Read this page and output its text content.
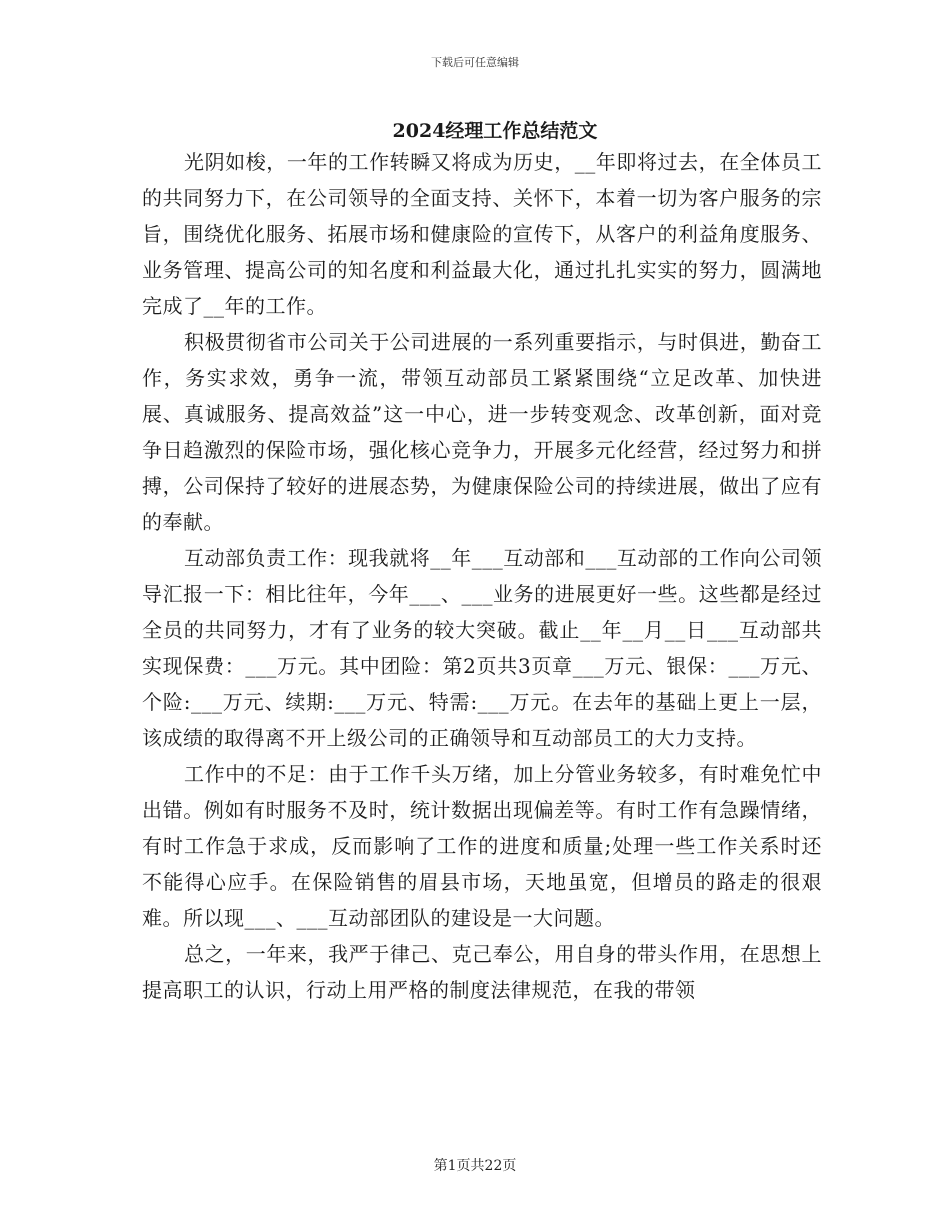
下载后可任意编辑
2024经理工作总结范文

光阴如梭，一年的工作转瞬又将成为历史，__年即将过去，在全体员工的共同努力下，在公司领导的全面支持、关怀下，本着一切为客户服务的宗旨，围绕优化服务、拓展市场和健康险的宣传下，从客户的利益角度服务、业务管理、提高公司的知名度和利益最大化，通过扎扎实实的努力，圆满地完成了__年的工作。

积极贯彻省市公司关于公司进展的一系列重要指示，与时俱进，勤奋工作，务实求效，勇争一流，带领互动部员工紧紧围绕“立足改革、加快进展、真诚服务、提高效益”这一中心，进一步转变观念、改革创新，面对竞争日趋激烈的保险市场，强化核心竞争力，开展多元化经营，经过努力和拼搏，公司保持了较好的进展态势，为健康保险公司的持续进展，做出了应有的奉献。

互动部负责工作：现我就将__年___互动部和___互动部的工作向公司领导汇报一下：相比往年，今年___、___业务的进展更好一些。这些都是经过全员的共同努力，才有了业务的较大突破。截止__年__月__日___互动部共实现保费：___万元。其中团险：第2页共3页章___万元、银保：___万元、个险:___万元、续期:___万元、特需:___万元。在去年的基础上更上一层，该成绩的取得离不开上级公司的正确领导和互动部员工的大力支持。

工作中的不足：由于工作千头万绪，加上分管业务较多，有时难免忙中出错。例如有时服务不及时，统计数据出现偏差等。有时工作有急躁情绪，有时工作急于求成，反而影响了工作的进度和质量;处理一些工作关系时还不能得心应手。在保险销售的眉县市场，天地虽宽，但增员的路走的很艰难。所以现___、___互动部团队的建设是一大问题。

总之，一年来，我严于律己、克己奉公，用自身的带头作用，在思想上提高职工的认识，行动上用严格的制度法律规范，在我的带领

第1页共22页
